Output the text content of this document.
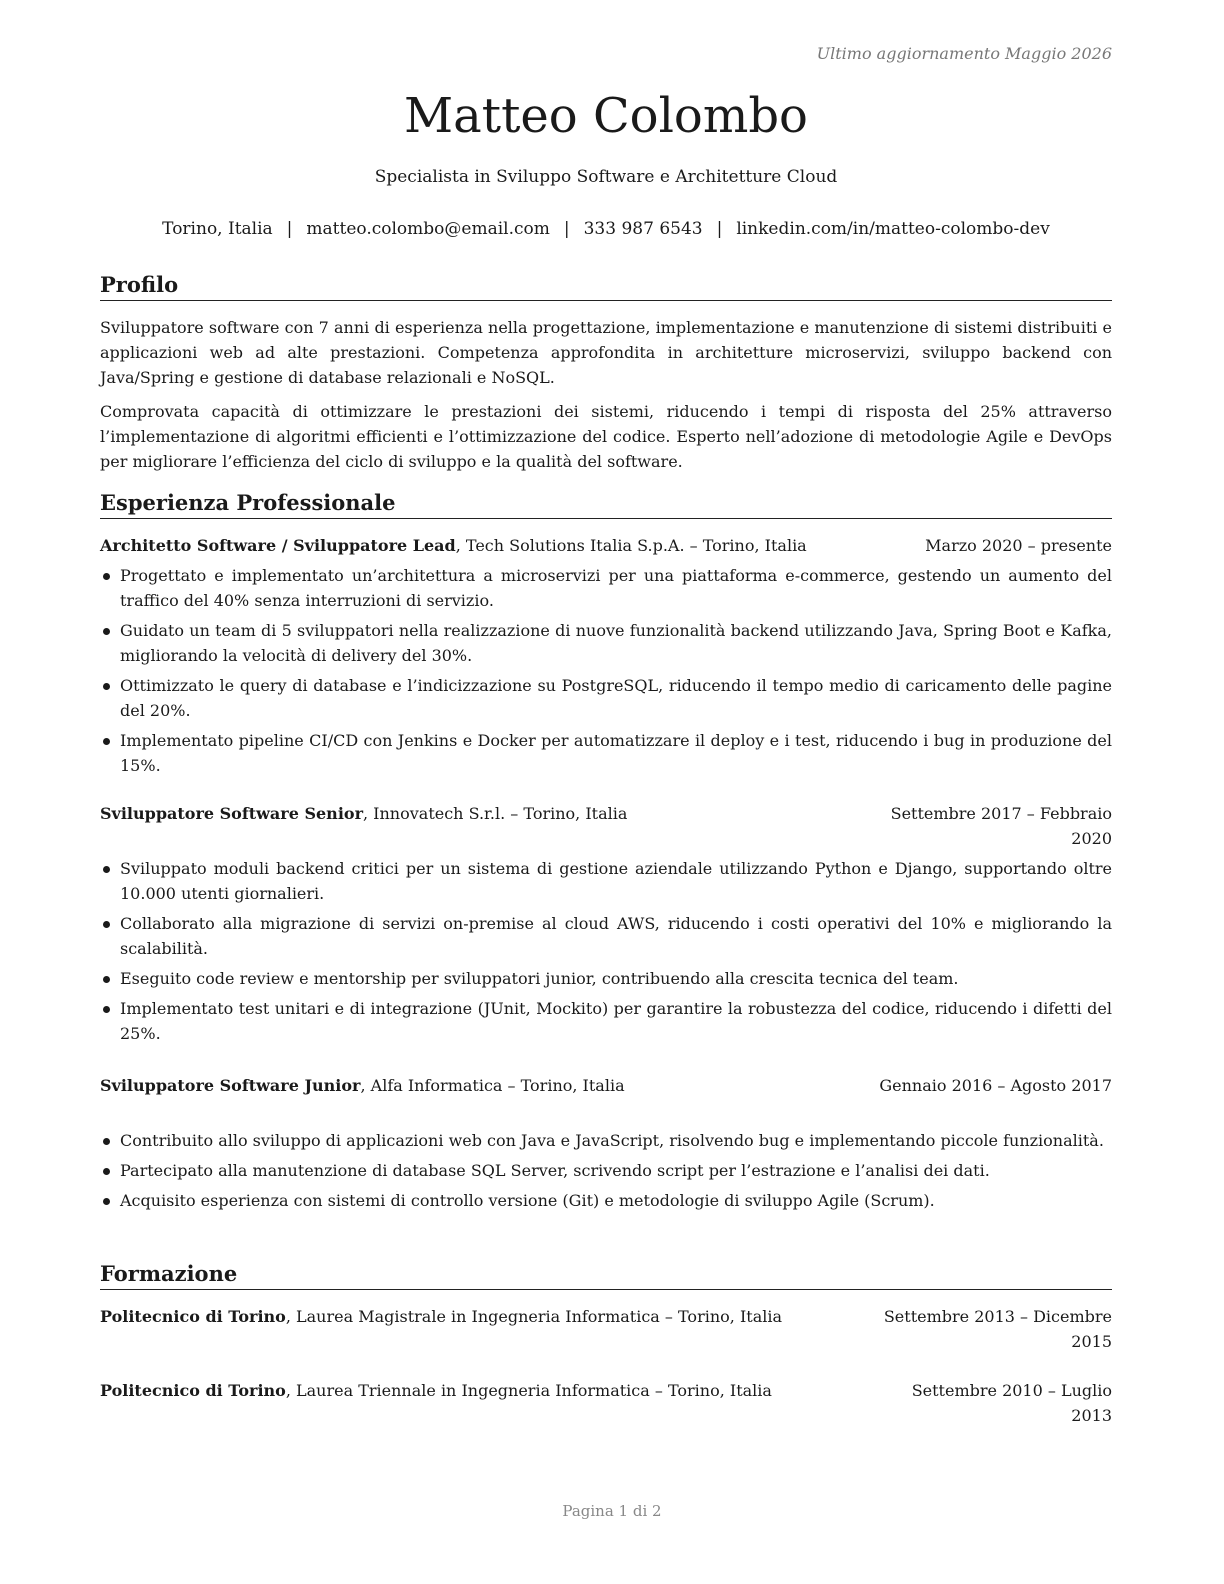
Ultimo aggiornamento Maggio 2026
Matteo Colombo
Specialista in Sviluppo Software e Architetture Cloud
Torino, Italia | matteo.colombo@email.com | 333 987 6543 | linkedin.com/in/matteo-colombo-dev
Profilo
Sviluppatore software con 7 anni di esperienza nella progettazione, implementazione e manutenzione di sistemi distribuiti e applicazioni web ad alte prestazioni. Competenza approfondita in architetture microservizi, sviluppo backend con Java/Spring e gestione di database relazionali e NoSQL.
Comprovata capacità di ottimizzare le prestazioni dei sistemi, riducendo i tempi di risposta del 25% attraverso l’implementazione di algoritmi efficienti e l’ottimizzazione del codice. Esperto nell’adozione di metodologie Agile e DevOps per migliorare l’efficienza del ciclo di sviluppo e la qualità del software.
Esperienza Professionale
Architetto Software / Sviluppatore Lead, Tech Solutions Italia S.p.A. – Torino, Italia	Marzo 2020 – presente
Progettato e implementato un’architettura a microservizi per una piattaforma e-commerce, gestendo un aumento del traffico del 40% senza interruzioni di servizio.
Guidato un team di 5 sviluppatori nella realizzazione di nuove funzionalità backend utilizzando Java, Spring Boot e Kafka, migliorando la velocità di delivery del 30%.
Ottimizzato le query di database e l’indicizzazione su PostgreSQL, riducendo il tempo medio di caricamento delle pagine del 20%.
Implementato pipeline CI/CD con Jenkins e Docker per automatizzare il deploy e i test, riducendo i bug in produzione del 15%.
Sviluppatore Software Senior, Innovatech S.r.l. – Torino, Italia	Settembre 2017 – Febbraio 2020
Sviluppato moduli backend critici per un sistema di gestione aziendale utilizzando Python e Django, supportando oltre 10.000 utenti giornalieri.
Collaborato alla migrazione di servizi on-premise al cloud AWS, riducendo i costi operativi del 10% e migliorando la scalabilità.
Eseguito code review e mentorship per sviluppatori junior, contribuendo alla crescita tecnica del team.
Implementato test unitari e di integrazione (JUnit, Mockito) per garantire la robustezza del codice, riducendo i difetti del 25%.
Sviluppatore Software Junior, Alfa Informatica – Torino, Italia	Gennaio 2016 – Agosto 2017
Contribuito allo sviluppo di applicazioni web con Java e JavaScript, risolvendo bug e implementando piccole funzionalità.
Partecipato alla manutenzione di database SQL Server, scrivendo script per l’estrazione e l’analisi dei dati.
Acquisito esperienza con sistemi di controllo versione (Git) e metodologie di sviluppo Agile (Scrum).
Formazione
Politecnico di Torino, Laurea Magistrale in Ingegneria Informatica – Torino, Italia	Settembre 2013 – Dicembre 2015
Politecnico di Torino, Laurea Triennale in Ingegneria Informatica – Torino, Italia	Settembre 2010 – Luglio 2013
Pagina 1 di 2
